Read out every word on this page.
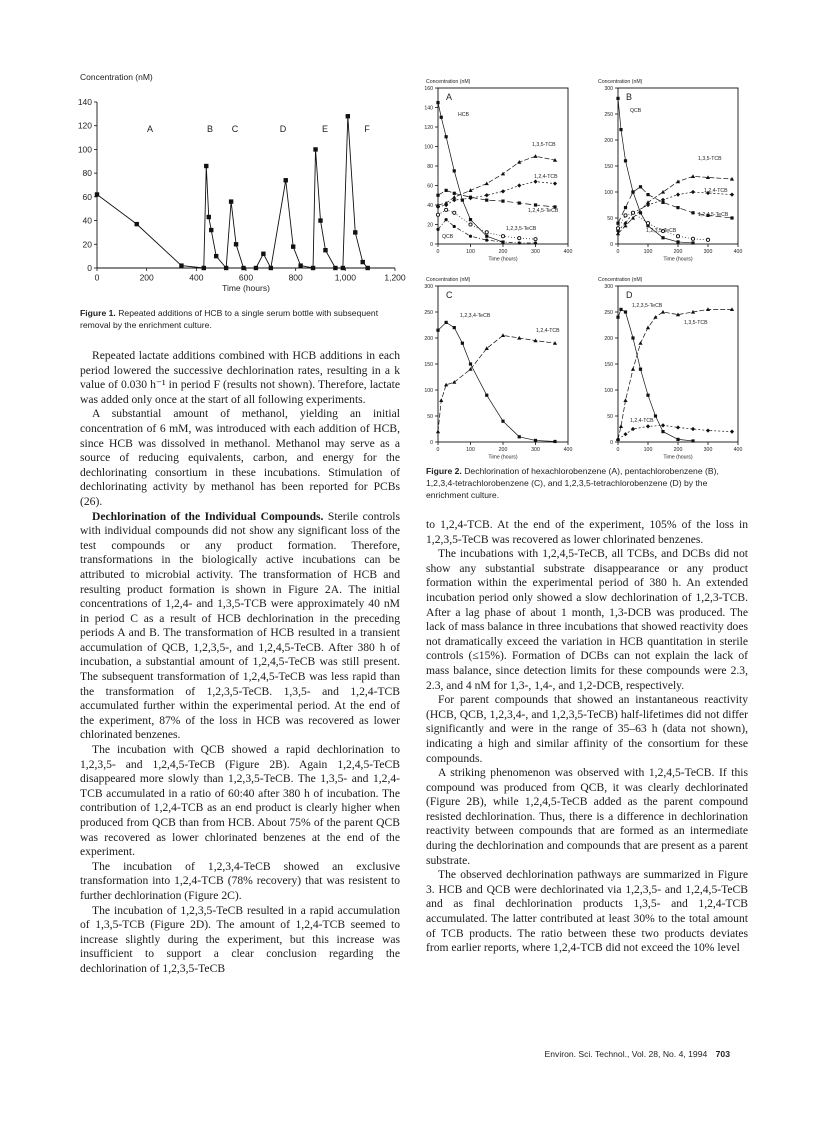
0
20
40
60
80
100
120
140
0	200	400	600	800	1,000	1,200
Concentration (nM)
Time (hours)
A	B C	D	E	F
Figure 1. Repeated additions of HCB to a single serum bottle with subsequent removal by the enrichment culture.
0
20
40
60
80
100
120
140
160
0	100	200	300	400
Concentration (nM)
Time (hours)
HCB
1,3,5-TCB
1,2,4-TCB
1,2,4,5-TeCB
1,2,3,5-TeCB
QCB
A
0
50
100
150
200
250
300
0	100	200	300	400
Concentration (nM)
Time (hours)
QCB
1,3,5-TCB
1,2,4-TCB
1,2,4,5-TeCB
1,2,3,5-TeCB
B
0
50
100
150
200
250
300
0	100	200	300	400
Concentration (nM)
Time (hours)
1,2,3,4-TeCB
1,2,4-TCB
C
0
50
100
150
200
250
300
0	100	200	300	400
Concentration (nM)
Time (hours)
1,2,3,5-TeCB
1,3,5-TCB
1,2,4-TCB
D
Figure 2. Dechlorination of hexachlorobenzene (A), pentachlorobenzene (B), 1,2,3,4-tetrachlorobenzene (C), and 1,2,3,5-tetrachlorobenzene (D) by the enrichment culture.

Repeated lactate additions combined with HCB additions in each period lowered the successive dechlorination rates, resulting in a k value of 0.030 h⁻¹ in period F (results not shown). Therefore, lactate was added only once at the start of all following experiments.

A substantial amount of methanol, yielding an initial concentration of 6 mM, was introduced with each addition of HCB, since HCB was dissolved in methanol. Methanol may serve as a source of reducing equivalents, carbon, and energy for the dechlorinating consortium in these incubations. Stimulation of dechlorinating activity by methanol has been reported for PCBs (26).

Dechlorination of the Individual Compounds. Sterile controls with individual compounds did not show any significant loss of the test compounds or any product formation. Therefore, transformations in the biologically active incubations can be attributed to microbial activity. The transformation of HCB and resulting product formation is shown in Figure 2A. The initial concentrations of 1,2,4- and 1,3,5-TCB were approximately 40 nM in period C as a result of HCB dechlorination in the preceding periods A and B. The transformation of HCB resulted in a transient accumulation of QCB, 1,2,3,5-, and 1,2,4,5-TeCB. After 380 h of incubation, a substantial amount of 1,2,4,5-TeCB was still present. The subsequent transformation of 1,2,4,5-TeCB was less rapid than the transformation of 1,2,3,5-TeCB. 1,3,5- and 1,2,4-TCB accumulated further within the experimental period. At the end of the experiment, 87% of the loss in HCB was recovered as lower chlorinated benzenes.

The incubation with QCB showed a rapid dechlorination to 1,2,3,5- and 1,2,4,5-TeCB (Figure 2B). Again 1,2,4,5-TeCB disappeared more slowly than 1,2,3,5-TeCB. The 1,3,5- and 1,2,4-TCB accumulated in a ratio of 60:40 after 380 h of incubation. The contribution of 1,2,4-TCB as an end product is clearly higher when produced from QCB than from HCB. About 75% of the parent QCB was recovered as lower chlorinated benzenes at the end of the experiment.

The incubation of 1,2,3,4-TeCB showed an exclusive transformation into 1,2,4-TCB (78% recovery) that was resistent to further dechlorination (Figure 2C).

The incubation of 1,2,3,5-TeCB resulted in a rapid accumulation of 1,3,5-TCB (Figure 2D). The amount of 1,2,4-TCB seemed to increase slightly during the experiment, but this increase was insufficient to support a clear conclusion regarding the dechlorination of 1,2,3,5-TeCB

to 1,2,4-TCB. At the end of the experiment, 105% of the loss in 1,2,3,5-TeCB was recovered as lower chlorinated benzenes.

The incubations with 1,2,4,5-TeCB, all TCBs, and DCBs did not show any substantial substrate disappearance or any product formation within the experimental period of 380 h. An extended incubation period only showed a slow dechlorination of 1,2,3-TCB. After a lag phase of about 1 month, 1,3-DCB was produced. The lack of mass balance in three incubations that showed reactivity does not dramatically exceed the variation in HCB quantitation in sterile controls (≤15%). Formation of DCBs can not explain the lack of mass balance, since detection limits for these compounds were 2.3, 2.3, and 4 nM for 1,3-, 1,4-, and 1,2-DCB, respectively.

For parent compounds that showed an instantaneous reactivity (HCB, QCB, 1,2,3,4-, and 1,2,3,5-TeCB) half-lifetimes did not differ significantly and were in the range of 35–63 h (data not shown), indicating a high and similar affinity of the consortium for these compounds.

A striking phenomenon was observed with 1,2,4,5-TeCB. If this compound was produced from QCB, it was clearly dechlorinated (Figure 2B), while 1,2,4,5-TeCB added as the parent compound resisted dechlorination. Thus, there is a difference in dechlorination reactivity between compounds that are formed as an intermediate during the dechlorination and compounds that are present as a parent substrate.

The observed dechlorination pathways are summarized in Figure 3. HCB and QCB were dechlorinated via 1,2,3,5- and 1,2,4,5-TeCB and as final dechlorination products 1,3,5- and 1,2,4-TCB accumulated. The latter contributed at least 30% to the total amount of TCB products. The ratio between these two products deviates from earlier reports, where 1,2,4-TCB did not exceed the 10% level

Environ. Sci. Technol., Vol. 28, No. 4, 1994 703
